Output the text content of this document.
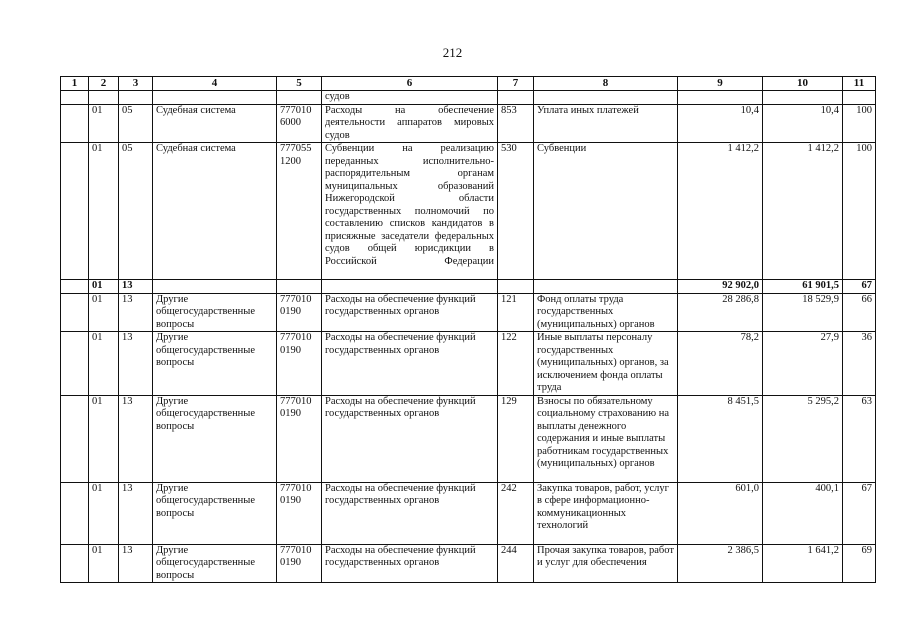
212
1	2	3	4	5	6	7	8	9	10	11
					судов					
	01	05	Судебная система	777010 6000	Расходы на обеспечение деятельности аппаратов мировых судов	853	Уплата иных платежей	10,4	10,4	100
	01	05	Судебная система	777055 1200	Субвенции на реализацию переданных исполнительно-распорядительным органам муниципальных образований Нижегородской области государственных полномочий по составлению списков кандидатов в присяжные заседатели федеральных судов общей юрисдикции в Российской Федерации	530	Субвенции	1 412,2	1 412,2	100
	01	13						92 902,0	61 901,5	67
	01	13	Другие общегосударственные вопросы	777010 0190	Расходы на обеспечение функций государственных органов	121	Фонд оплаты труда государственных (муниципальных) органов	28 286,8	18 529,9	66
	01	13	Другие общегосударственные вопросы	777010 0190	Расходы на обеспечение функций государственных органов	122	Иные выплаты персоналу государственных (муниципальных) органов, за исключением фонда оплаты труда	78,2	27,9	36
	01	13	Другие общегосударственные вопросы	777010 0190	Расходы на обеспечение функций государственных органов	129	Взносы по обязательному социальному страхованию на выплаты денежного содержания и иные выплаты работникам государственных (муниципальных) органов	8 451,5	5 295,2	63
	01	13	Другие общегосударственные вопросы	777010 0190	Расходы на обеспечение функций государственных органов	242	Закупка товаров, работ, услуг в сфере информационно-коммуникационных технологий	601,0	400,1	67
	01	13	Другие общегосударственные вопросы	777010 0190	Расходы на обеспечение функций государственных органов	244	Прочая закупка товаров, работ и услуг для обеспечения	2 386,5	1 641,2	69
